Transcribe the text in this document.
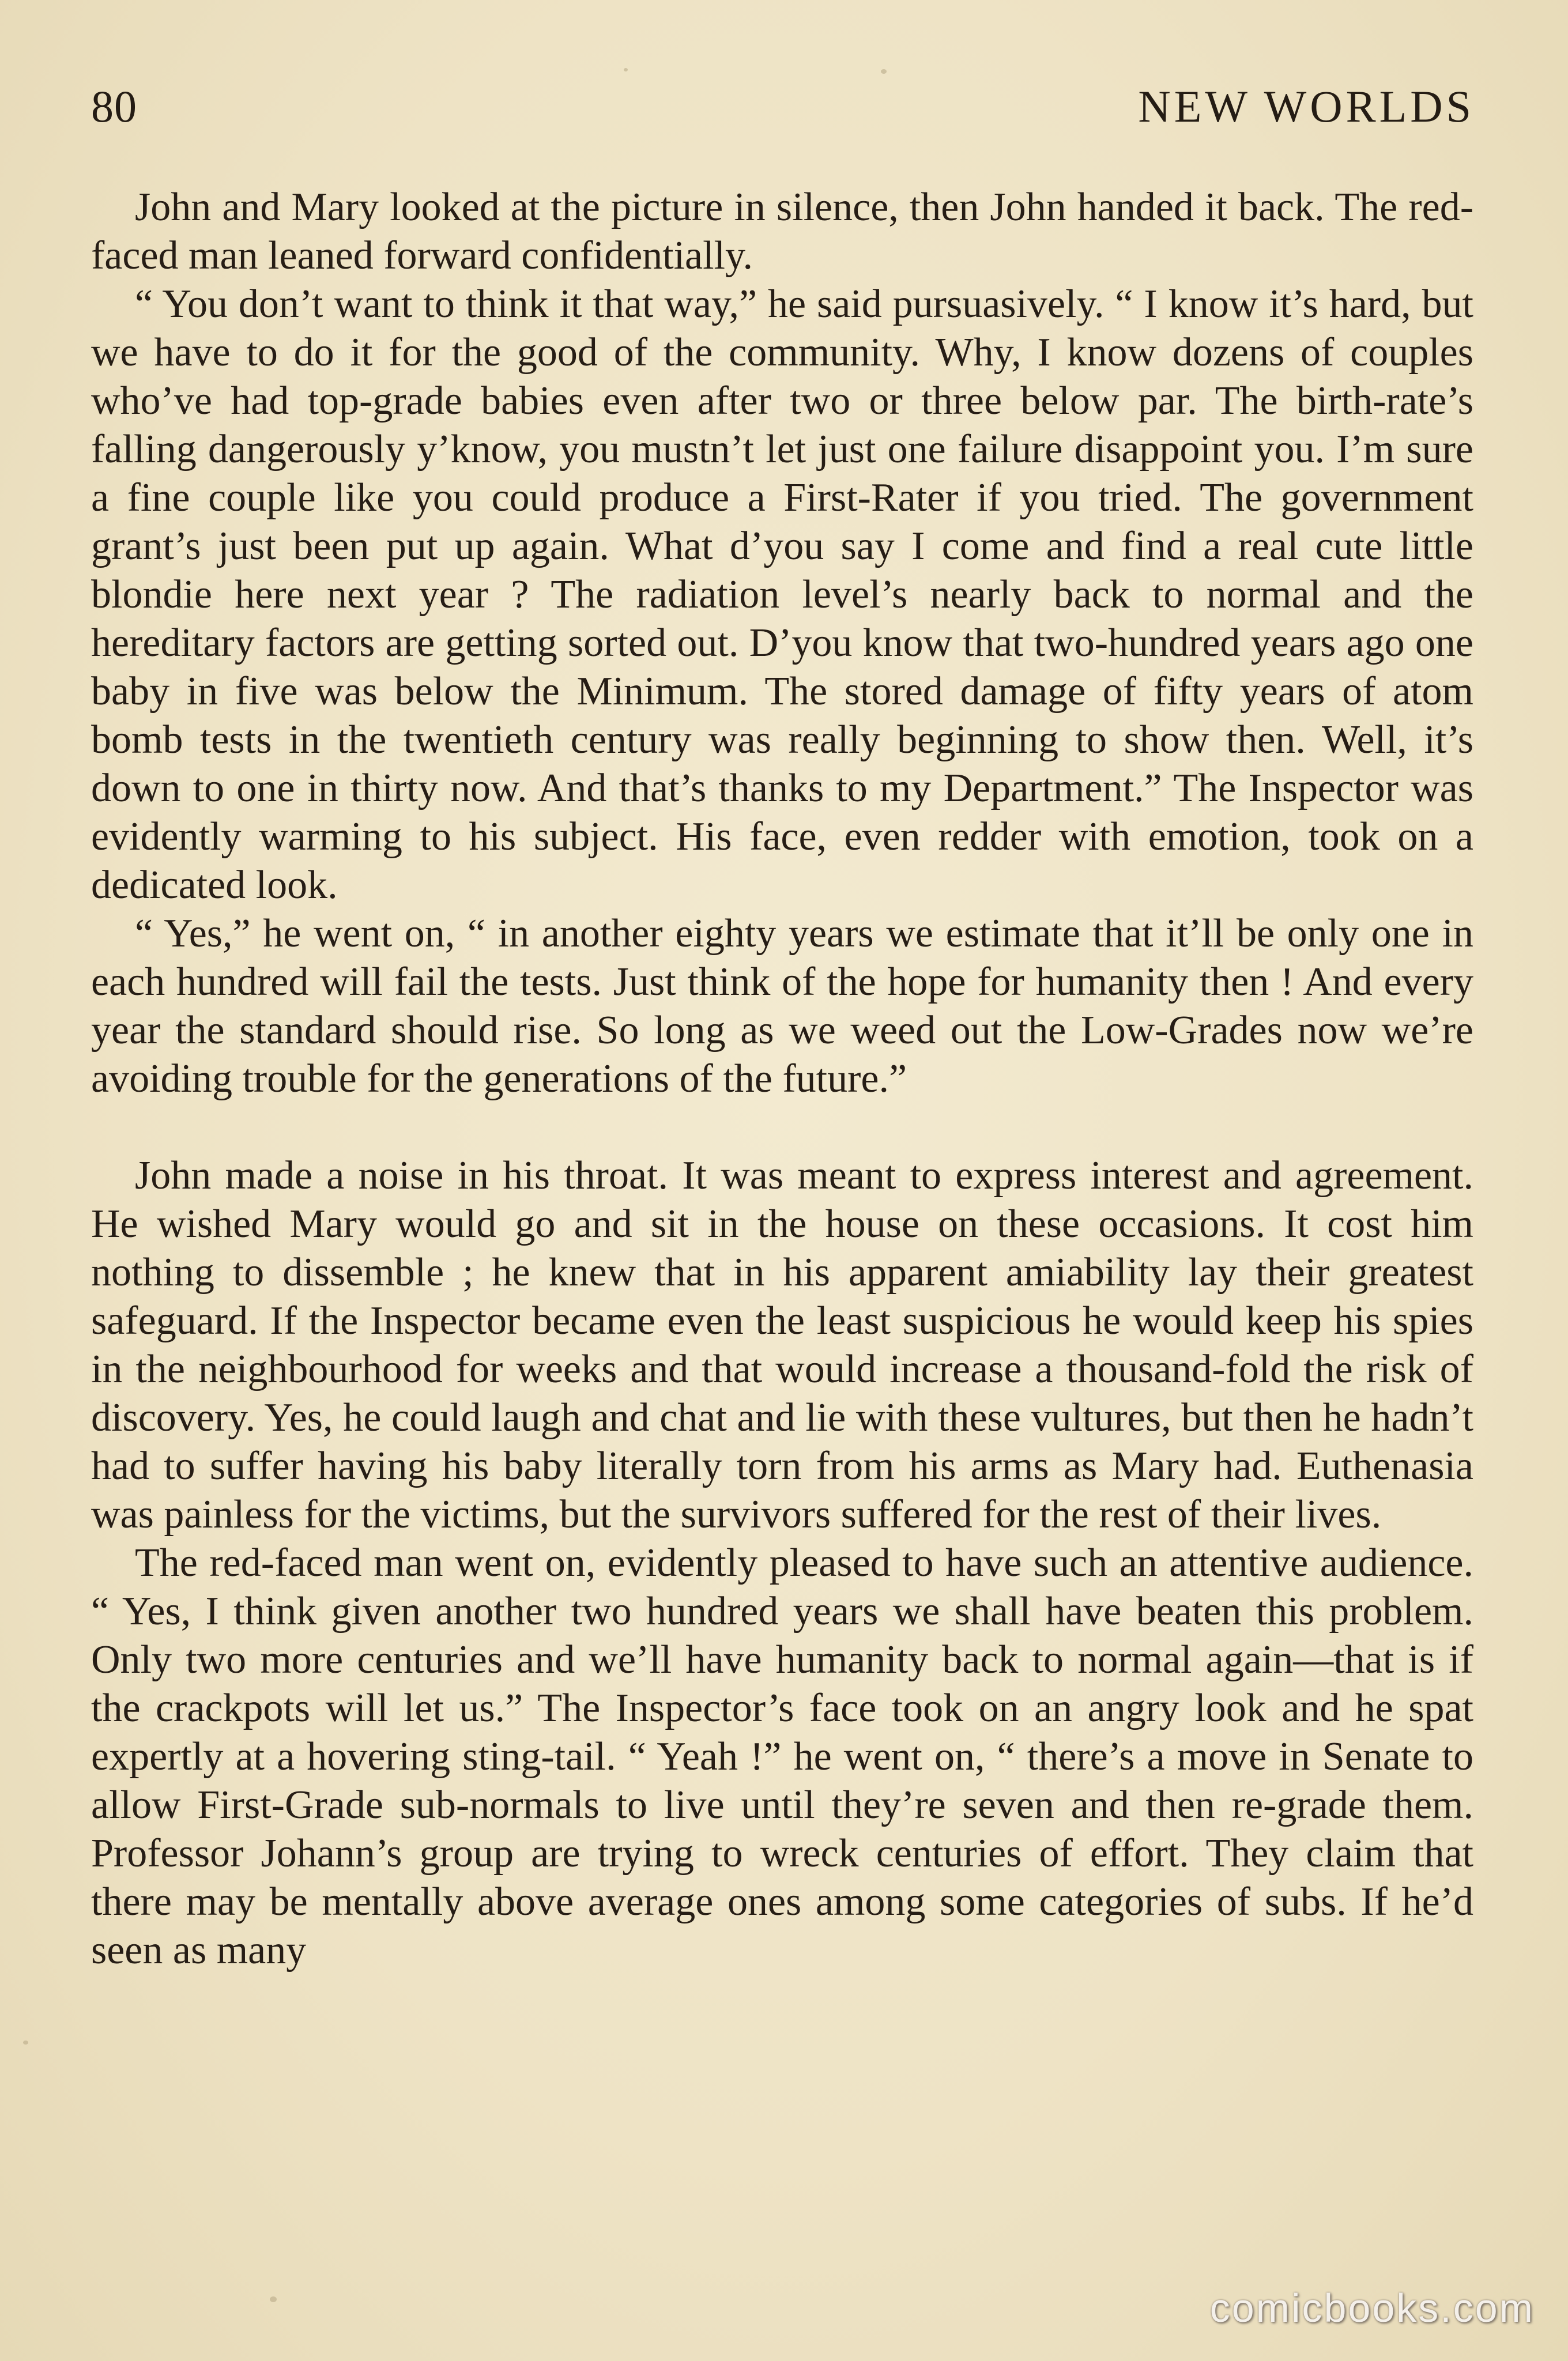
80	NEW WORLDS

John and Mary looked at the picture in silence, then John handed it back. The red-faced man leaned forward confidentially.

“ You don’t want to think it that way,” he said pursuasively. “ I know it’s hard, but we have to do it for the good of the community. Why, I know dozens of couples who’ve had top-grade babies even after two or three below par. The birth-rate’s falling dangerously y’know, you mustn’t let just one failure disappoint you. I’m sure a fine couple like you could produce a First-Rater if you tried. The government grant’s just been put up again. What d’you say I come and find a real cute little blondie here next year ? The radiation level’s nearly back to normal and the hereditary factors are getting sorted out. D’you know that two-hundred years ago one baby in five was below the Minimum. The stored damage of fifty years of atom bomb tests in the twentieth century was really beginning to show then. Well, it’s down to one in thirty now. And that’s thanks to my Department.” The Inspector was evidently warming to his subject. His face, even redder with emotion, took on a dedicated look.

“ Yes,” he went on, “ in another eighty years we estimate that it’ll be only one in each hundred will fail the tests. Just think of the hope for humanity then ! And every year the standard should rise. So long as we weed out the Low-Grades now we’re avoiding trouble for the generations of the future.”

John made a noise in his throat. It was meant to express interest and agreement. He wished Mary would go and sit in the house on these occasions. It cost him nothing to dissemble ; he knew that in his apparent amiability lay their greatest safeguard. If the Inspector became even the least suspicious he would keep his spies in the neighbourhood for weeks and that would increase a thousand-fold the risk of discovery. Yes, he could laugh and chat and lie with these vultures, but then he hadn’t had to suffer having his baby literally torn from his arms as Mary had. Euthenasia was painless for the victims, but the survivors suffered for the rest of their lives.

The red-faced man went on, evidently pleased to have such an attentive audience. “ Yes, I think given another two hundred years we shall have beaten this problem. Only two more centuries and we’ll have humanity back to normal again—that is if the crackpots will let us.” The Inspector’s face took on an angry look and he spat expertly at a hovering sting-tail. “ Yeah !” he went on, “ there’s a move in Senate to allow First-Grade sub-normals to live until they’re seven and then re-grade them. Professor Johann’s group are trying to wreck centuries of effort. They claim that there may be mentally above average ones among some categories of subs. If he’d seen as many

comicbooks.com
